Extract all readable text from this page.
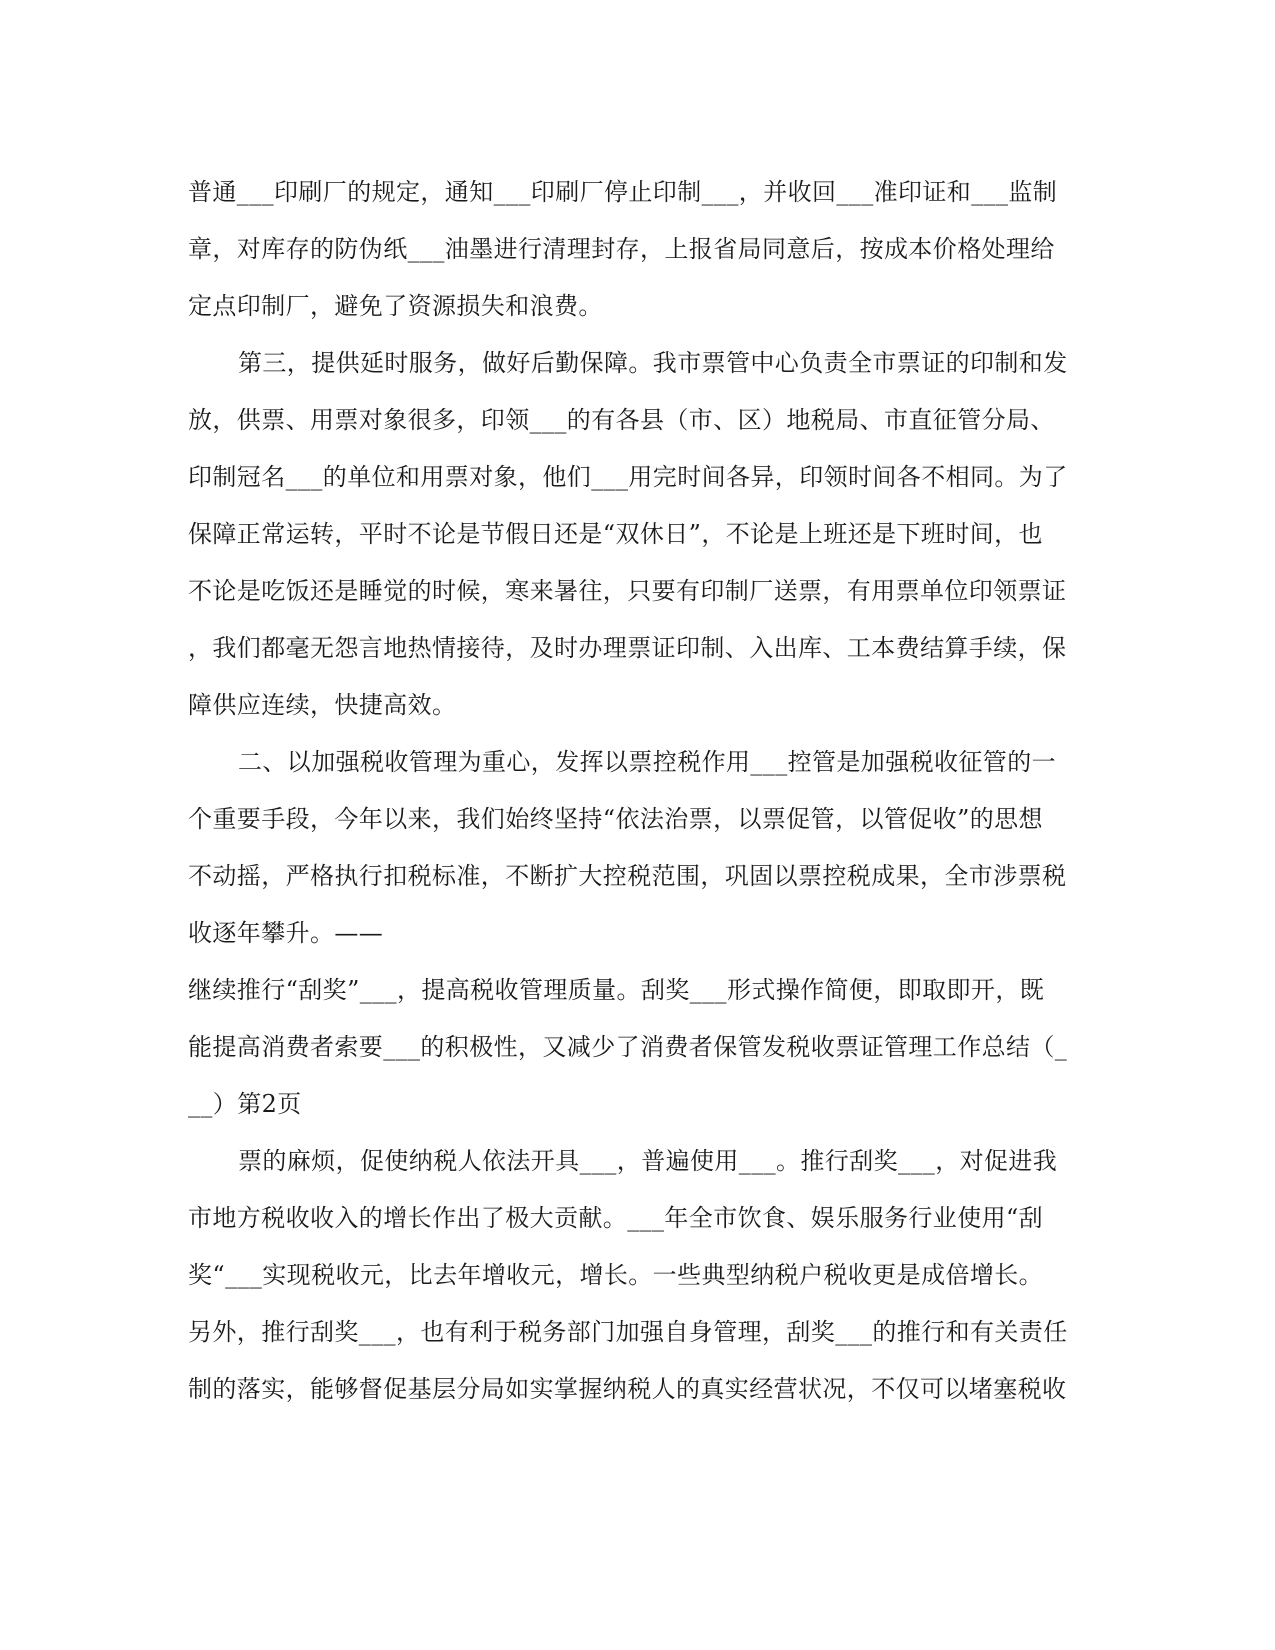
普通___印刷厂的规定，通知___印刷厂停止印制___，并收回___准印证和___监制
章，对库存的防伪纸___油墨进行清理封存，上报省局同意后，按成本价格处理给
定点印制厂，避免了资源损失和浪费。
第三，提供延时服务，做好后勤保障。我市票管中心负责全市票证的印制和发
放，供票、用票对象很多，印领___的有各县（市、区）地税局、市直征管分局、
印制冠名___的单位和用票对象，他们___用完时间各异，印领时间各不相同。为了
保障正常运转，平时不论是节假日还是“双休日”，不论是上班还是下班时间，也
不论是吃饭还是睡觉的时候，寒来暑往，只要有印制厂送票，有用票单位印领票证
，我们都毫无怨言地热情接待，及时办理票证印制、入出库、工本费结算手续，保
障供应连续，快捷高效。
二、以加强税收管理为重心，发挥以票控税作用___控管是加强税收征管的一
个重要手段，今年以来，我们始终坚持“依法治票，以票促管，以管促收”的思想
不动摇，严格执行扣税标准，不断扩大控税范围，巩固以票控税成果，全市涉票税
收逐年攀升。——
继续推行“刮奖”___，提高税收管理质量。刮奖___形式操作简便，即取即开，既
能提高消费者索要___的积极性，又减少了消费者保管发税收票证管理工作总结（_
__）第2页
票的麻烦，促使纳税人依法开具___，普遍使用___。推行刮奖___，对促进我
市地方税收收入的增长作出了极大贡献。___年全市饮食、娱乐服务行业使用“刮
奖“___实现税收元，比去年增收元，增长。一些典型纳税户税收更是成倍增长。
另外，推行刮奖___，也有利于税务部门加强自身管理，刮奖___的推行和有关责任
制的落实，能够督促基层分局如实掌握纳税人的真实经营状况，不仅可以堵塞税收
